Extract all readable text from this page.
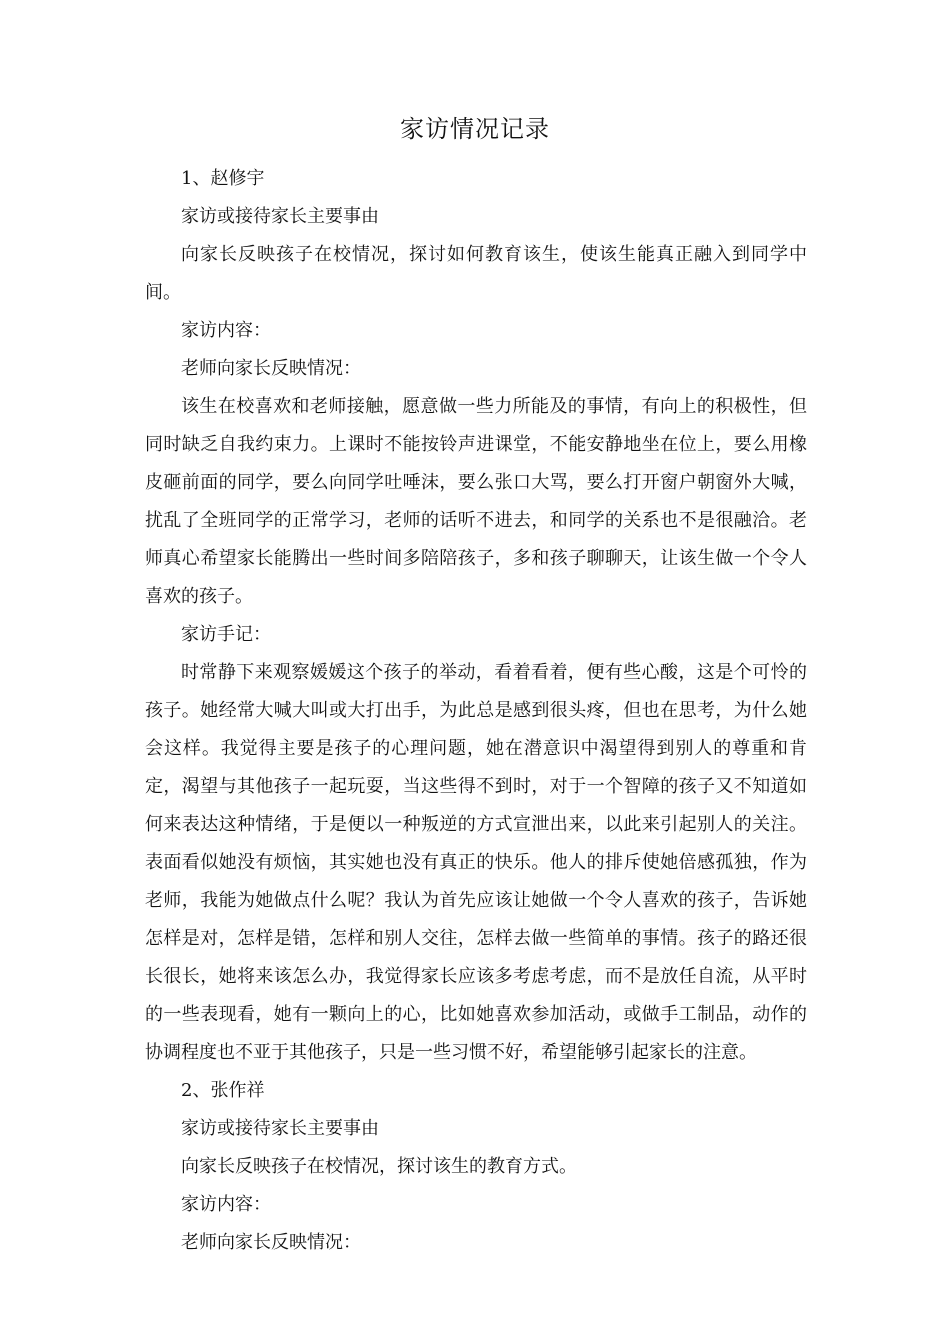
家访情况记录

1、赵修宇

家访或接待家长主要事由

向家长反映孩子在校情况，探讨如何教育该生，使该生能真正融入到同学中间。

家访内容：

老师向家长反映情况：

该生在校喜欢和老师接触，愿意做一些力所能及的事情，有向上的积极性，但同时缺乏自我约束力。上课时不能按铃声进课堂，不能安静地坐在位上，要么用橡皮砸前面的同学，要么向同学吐唾沫，要么张口大骂，要么打开窗户朝窗外大喊，扰乱了全班同学的正常学习，老师的话听不进去，和同学的关系也不是很融洽。老师真心希望家长能腾出一些时间多陪陪孩子，多和孩子聊聊天，让该生做一个令人喜欢的孩子。

家访手记：

时常静下来观察媛媛这个孩子的举动，看着看着，便有些心酸，这是个可怜的孩子。她经常大喊大叫或大打出手，为此总是感到很头疼，但也在思考，为什么她会这样。我觉得主要是孩子的心理问题，她在潜意识中渴望得到别人的尊重和肯定，渴望与其他孩子一起玩耍，当这些得不到时，对于一个智障的孩子又不知道如何来表达这种情绪，于是便以一种叛逆的方式宣泄出来，以此来引起别人的关注。表面看似她没有烦恼，其实她也没有真正的快乐。他人的排斥使她倍感孤独，作为老师，我能为她做点什么呢？我认为首先应该让她做一个令人喜欢的孩子，告诉她怎样是对，怎样是错，怎样和别人交往，怎样去做一些简单的事情。孩子的路还很长很长，她将来该怎么办，我觉得家长应该多考虑考虑，而不是放任自流，从平时的一些表现看，她有一颗向上的心，比如她喜欢参加活动，或做手工制品，动作的协调程度也不亚于其他孩子，只是一些习惯不好，希望能够引起家长的注意。

2、张作祥

家访或接待家长主要事由

向家长反映孩子在校情况，探讨该生的教育方式。

家访内容：

老师向家长反映情况：
